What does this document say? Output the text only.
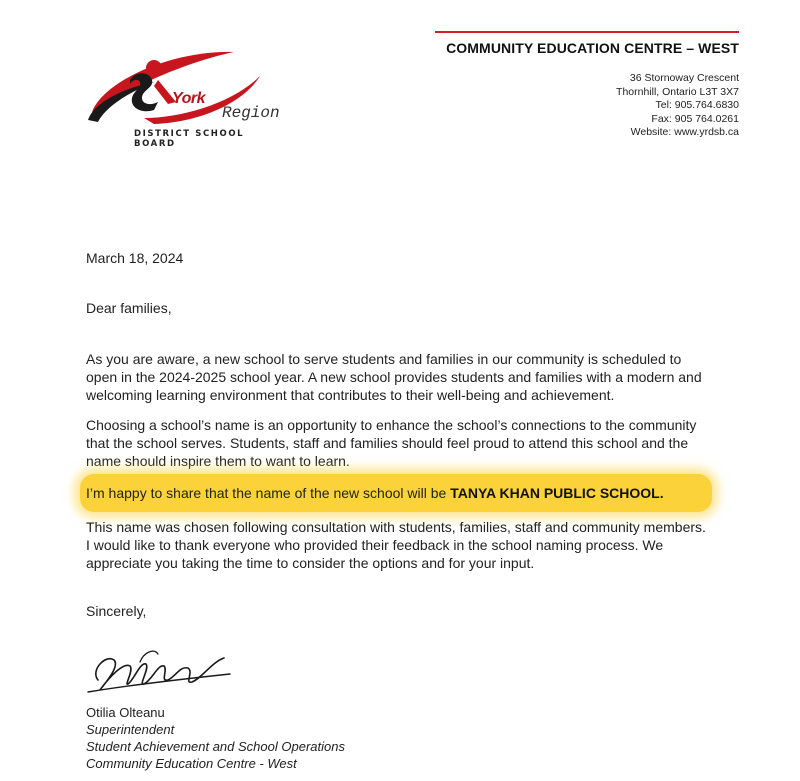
York
Region
DISTRICT SCHOOL BOARD
COMMUNITY EDUCATION CENTRE – WEST
36 Stornoway Crescent
Thornhill, Ontario L3T 3X7
Tel: 905.764.6830
Fax: 905 764.0261
Website: www.yrdsb.ca
March 18, 2024
Dear families,
As you are aware, a new school to serve students and families in our community is scheduled to
open in the 2024-2025 school year. A new school provides students and families with a modern and
welcoming learning environment that contributes to their well-being and achievement.
Choosing a school’s name is an opportunity to enhance the school’s connections to the community
that the school serves. Students, staff and families should feel proud to attend this school and the
name should inspire them to want to learn.
I’m happy to share that the name of the new school will be TANYA KHAN PUBLIC SCHOOL.
This name was chosen following consultation with students, families, staff and community members.
I would like to thank everyone who provided their feedback in the school naming process. We
appreciate you taking the time to consider the options and for your input.
Sincerely,
Otilia Olteanu
Superintendent
Student Achievement and School Operations
Community Education Centre - West
